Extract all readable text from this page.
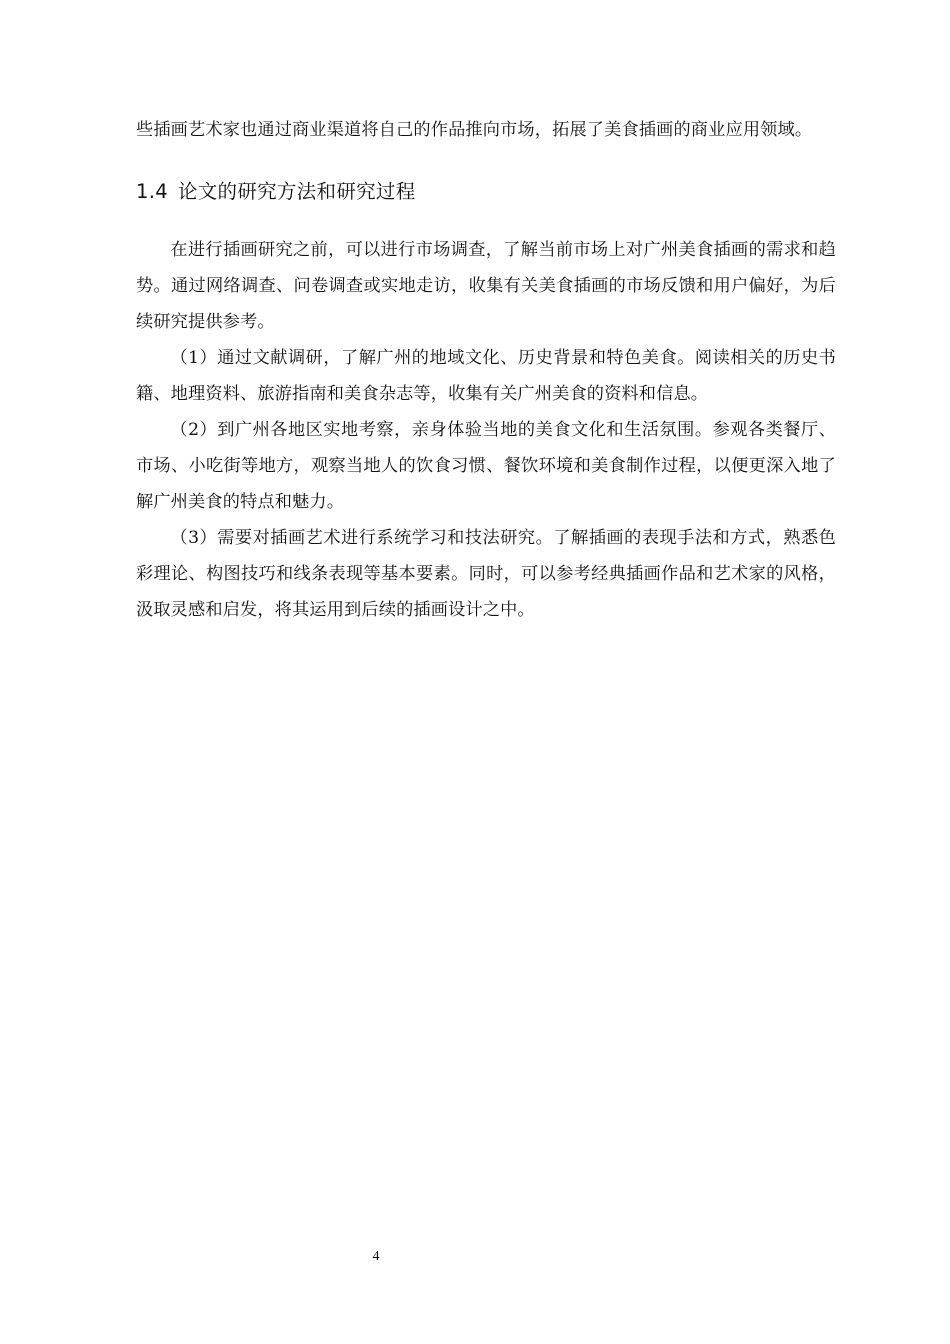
些插画艺术家也通过商业渠道将自己的作品推向市场，拓展了美食插画的商业应用领域。

1.4 论文的研究方法和研究过程

在进行插画研究之前，可以进行市场调查，了解当前市场上对广州美食插画的需求和趋势。通过网络调查、问卷调查或实地走访，收集有关美食插画的市场反馈和用户偏好，为后续研究提供参考。

（1）通过文献调研，了解广州的地域文化、历史背景和特色美食。阅读相关的历史书籍、地理资料、旅游指南和美食杂志等，收集有关广州美食的资料和信息。

（2）到广州各地区实地考察，亲身体验当地的美食文化和生活氛围。参观各类餐厅、市场、小吃街等地方，观察当地人的饮食习惯、餐饮环境和美食制作过程，以便更深入地了解广州美食的特点和魅力。

（3）需要对插画艺术进行系统学习和技法研究。了解插画的表现手法和方式，熟悉色彩理论、构图技巧和线条表现等基本要素。同时，可以参考经典插画作品和艺术家的风格，汲取灵感和启发，将其运用到后续的插画设计之中。

4
